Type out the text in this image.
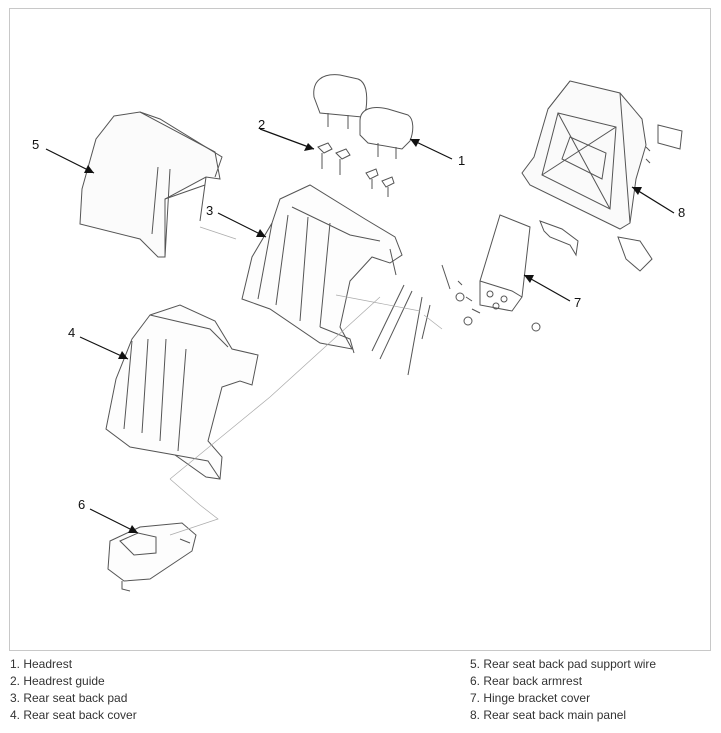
1
2
3
4
5
6
7
8
1. Headrest
2. Headrest guide
3. Rear seat back pad
4. Rear seat back cover
5. Rear seat back pad support wire
6. Rear back armrest
7. Hinge bracket cover
8. Rear seat back main panel
